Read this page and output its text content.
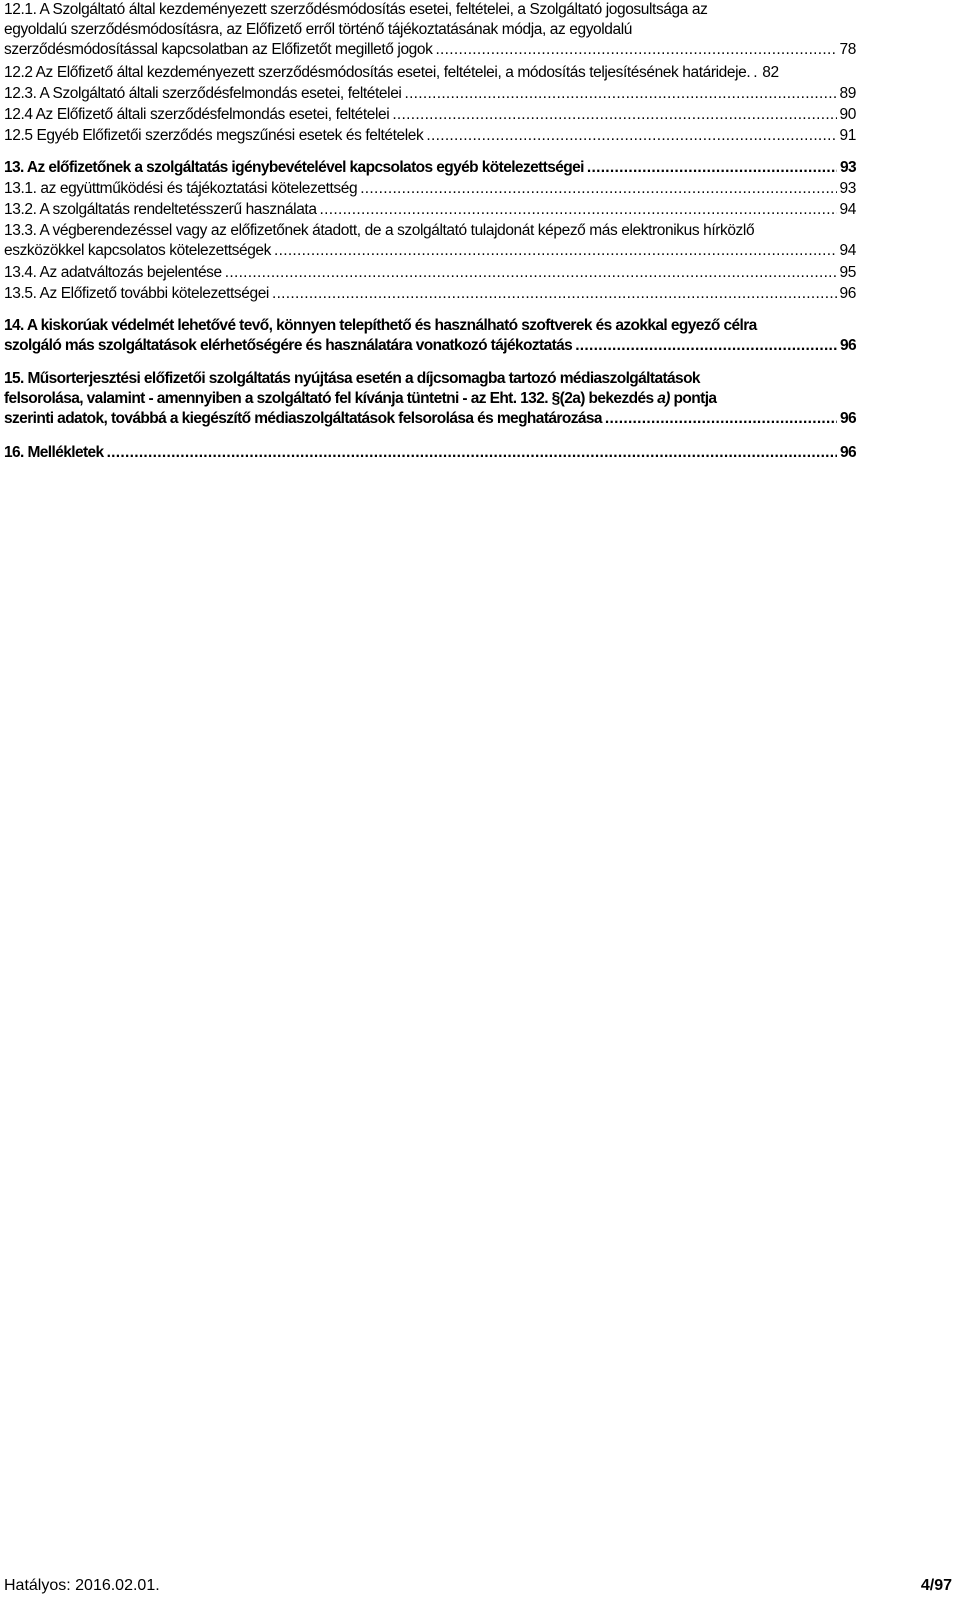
12.1. A Szolgáltató által kezdeményezett szerződésmódosítás esetei, feltételei, a Szolgáltató jogosultsága az
egyoldalú szerződésmódosításra, az Előfizető erről történő tájékoztatásának módja, az egyoldalú
szerződésmódosítással kapcsolatban az Előfizetőt megillető jogok .....	78
12.2 Az Előfizető által kezdeményezett szerződésmódosítás esetei, feltételei, a módosítás teljesítésének határideje. ..... 82
12.3. A Szolgáltató általi szerződésfelmondás esetei, feltételei .....	89
12.4 Az Előfizető általi szerződésfelmondás esetei, feltételei .....	90
12.5 Egyéb Előfizetői szerződés megszűnési esetek és feltételek .....	91
13. Az előfizetőnek a szolgáltatás igénybevételével kapcsolatos egyéb kötelezettségei .....	93
13.1. az együttműködési és tájékoztatási kötelezettség .....	93
13.2. A szolgáltatás rendeltetésszerű használata .....	94
13.3. A végberendezéssel vagy az előfizetőnek átadott, de a szolgáltató tulajdonát képező más elektronikus hírközlő
eszközökkel kapcsolatos kötelezettségek .....	94
13.4. Az adatváltozás bejelentése .....	95
13.5. Az Előfizető további kötelezettségei .....	96
14. A kiskorúak védelmét lehetővé tevő, könnyen telepíthető és használható szoftverek és azokkal egyező célra
szolgáló más szolgáltatások elérhetőségére és használatára vonatkozó tájékoztatás .....	96
15. Műsorterjesztési előfizetői szolgáltatás nyújtása esetén a díjcsomagba tartozó médiaszolgáltatások
felsorolása, valamint - amennyiben a szolgáltató fel kívánja tüntetni - az Eht. 132. §(2a) bekezdés a) pontja
szerinti adatok, továbbá a kiegészítő médiaszolgáltatások felsorolása és meghatározása .....	96
16. Mellékletek .....	96
Hatályos: 2016.02.01.	4/97
